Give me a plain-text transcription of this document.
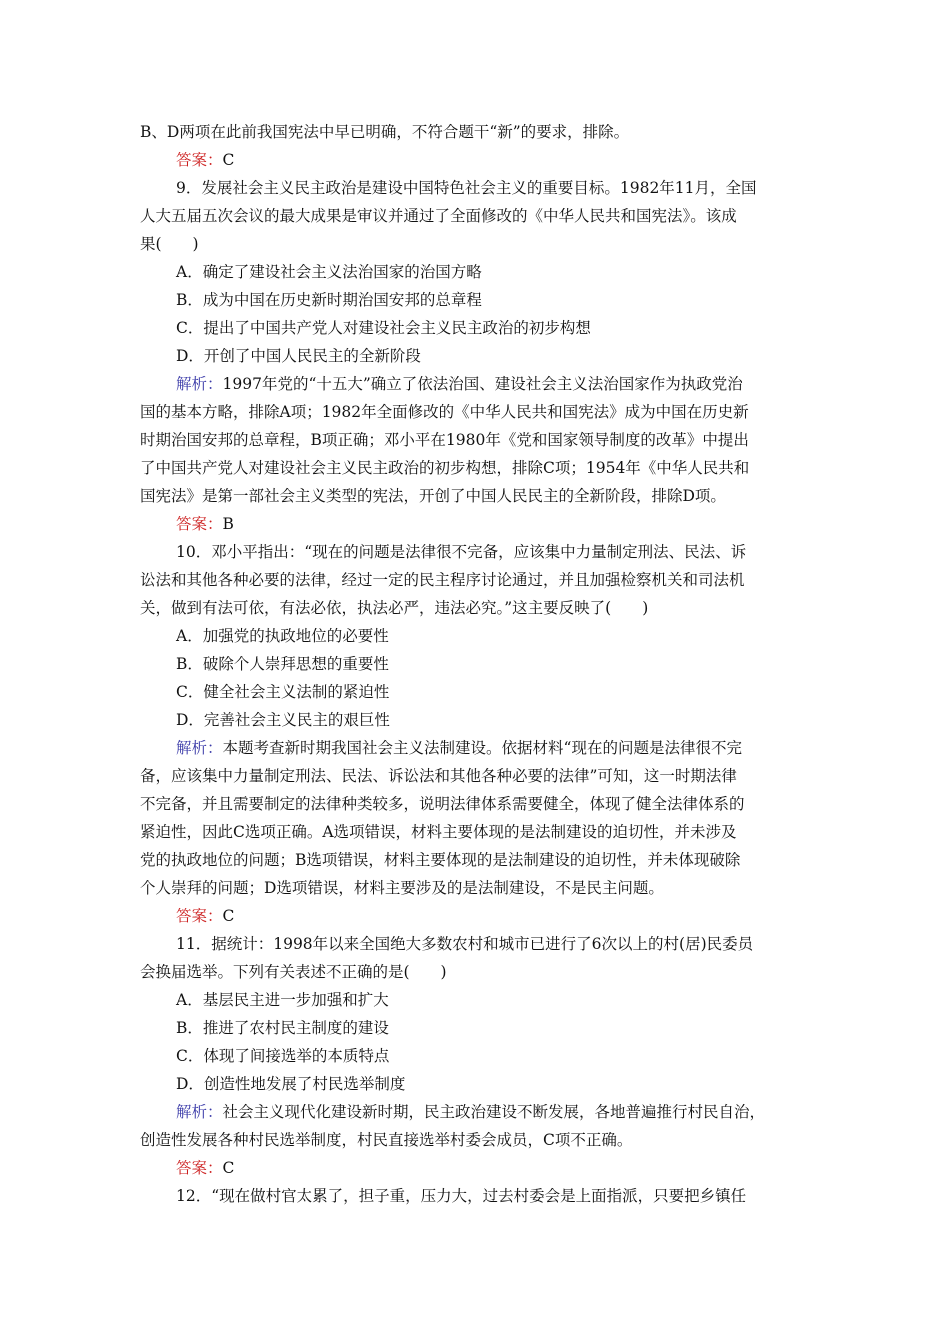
B、D两项在此前我国宪法中早已明确，不符合题干“新”的要求，排除。
答案：C
9．发展社会主义民主政治是建设中国特色社会主义的重要目标。1982年11月，全国
人大五届五次会议的最大成果是审议并通过了全面修改的《中华人民共和国宪法》。该成
果(　　)
A．确定了建设社会主义法治国家的治国方略
B．成为中国在历史新时期治国安邦的总章程
C．提出了中国共产党人对建设社会主义民主政治的初步构想
D．开创了中国人民民主的全新阶段
解析：1997年党的“十五大”确立了依法治国、建设社会主义法治国家作为执政党治
国的基本方略，排除A项；1982年全面修改的《中华人民共和国宪法》成为中国在历史新
时期治国安邦的总章程，B项正确；邓小平在1980年《党和国家领导制度的改革》中提出
了中国共产党人对建设社会主义民主政治的初步构想，排除C项；1954年《中华人民共和
国宪法》是第一部社会主义类型的宪法，开创了中国人民民主的全新阶段，排除D项。
答案：B
10．邓小平指出：“现在的问题是法律很不完备，应该集中力量制定刑法、民法、诉
讼法和其他各种必要的法律，经过一定的民主程序讨论通过，并且加强检察机关和司法机
关，做到有法可依，有法必依，执法必严，违法必究。”这主要反映了(　　)
A．加强党的执政地位的必要性
B．破除个人崇拜思想的重要性
C．健全社会主义法制的紧迫性
D．完善社会主义民主的艰巨性
解析：本题考查新时期我国社会主义法制建设。依据材料“现在的问题是法律很不完
备，应该集中力量制定刑法、民法、诉讼法和其他各种必要的法律”可知，这一时期法律
不完备，并且需要制定的法律种类较多，说明法律体系需要健全，体现了健全法律体系的
紧迫性，因此C选项正确。A选项错误，材料主要体现的是法制建设的迫切性，并未涉及
党的执政地位的问题；B选项错误，材料主要体现的是法制建设的迫切性，并未体现破除
个人崇拜的问题；D选项错误，材料主要涉及的是法制建设，不是民主问题。
答案：C
11．据统计：1998年以来全国绝大多数农村和城市已进行了6次以上的村(居)民委员
会换届选举。下列有关表述不正确的是(　　)
A．基层民主进一步加强和扩大
B．推进了农村民主制度的建设
C．体现了间接选举的本质特点
D．创造性地发展了村民选举制度
解析：社会主义现代化建设新时期，民主政治建设不断发展，各地普遍推行村民自治，
创造性发展各种村民选举制度，村民直接选举村委会成员，C项不正确。
答案：C
12．“现在做村官太累了，担子重，压力大，过去村委会是上面指派，只要把乡镇任
